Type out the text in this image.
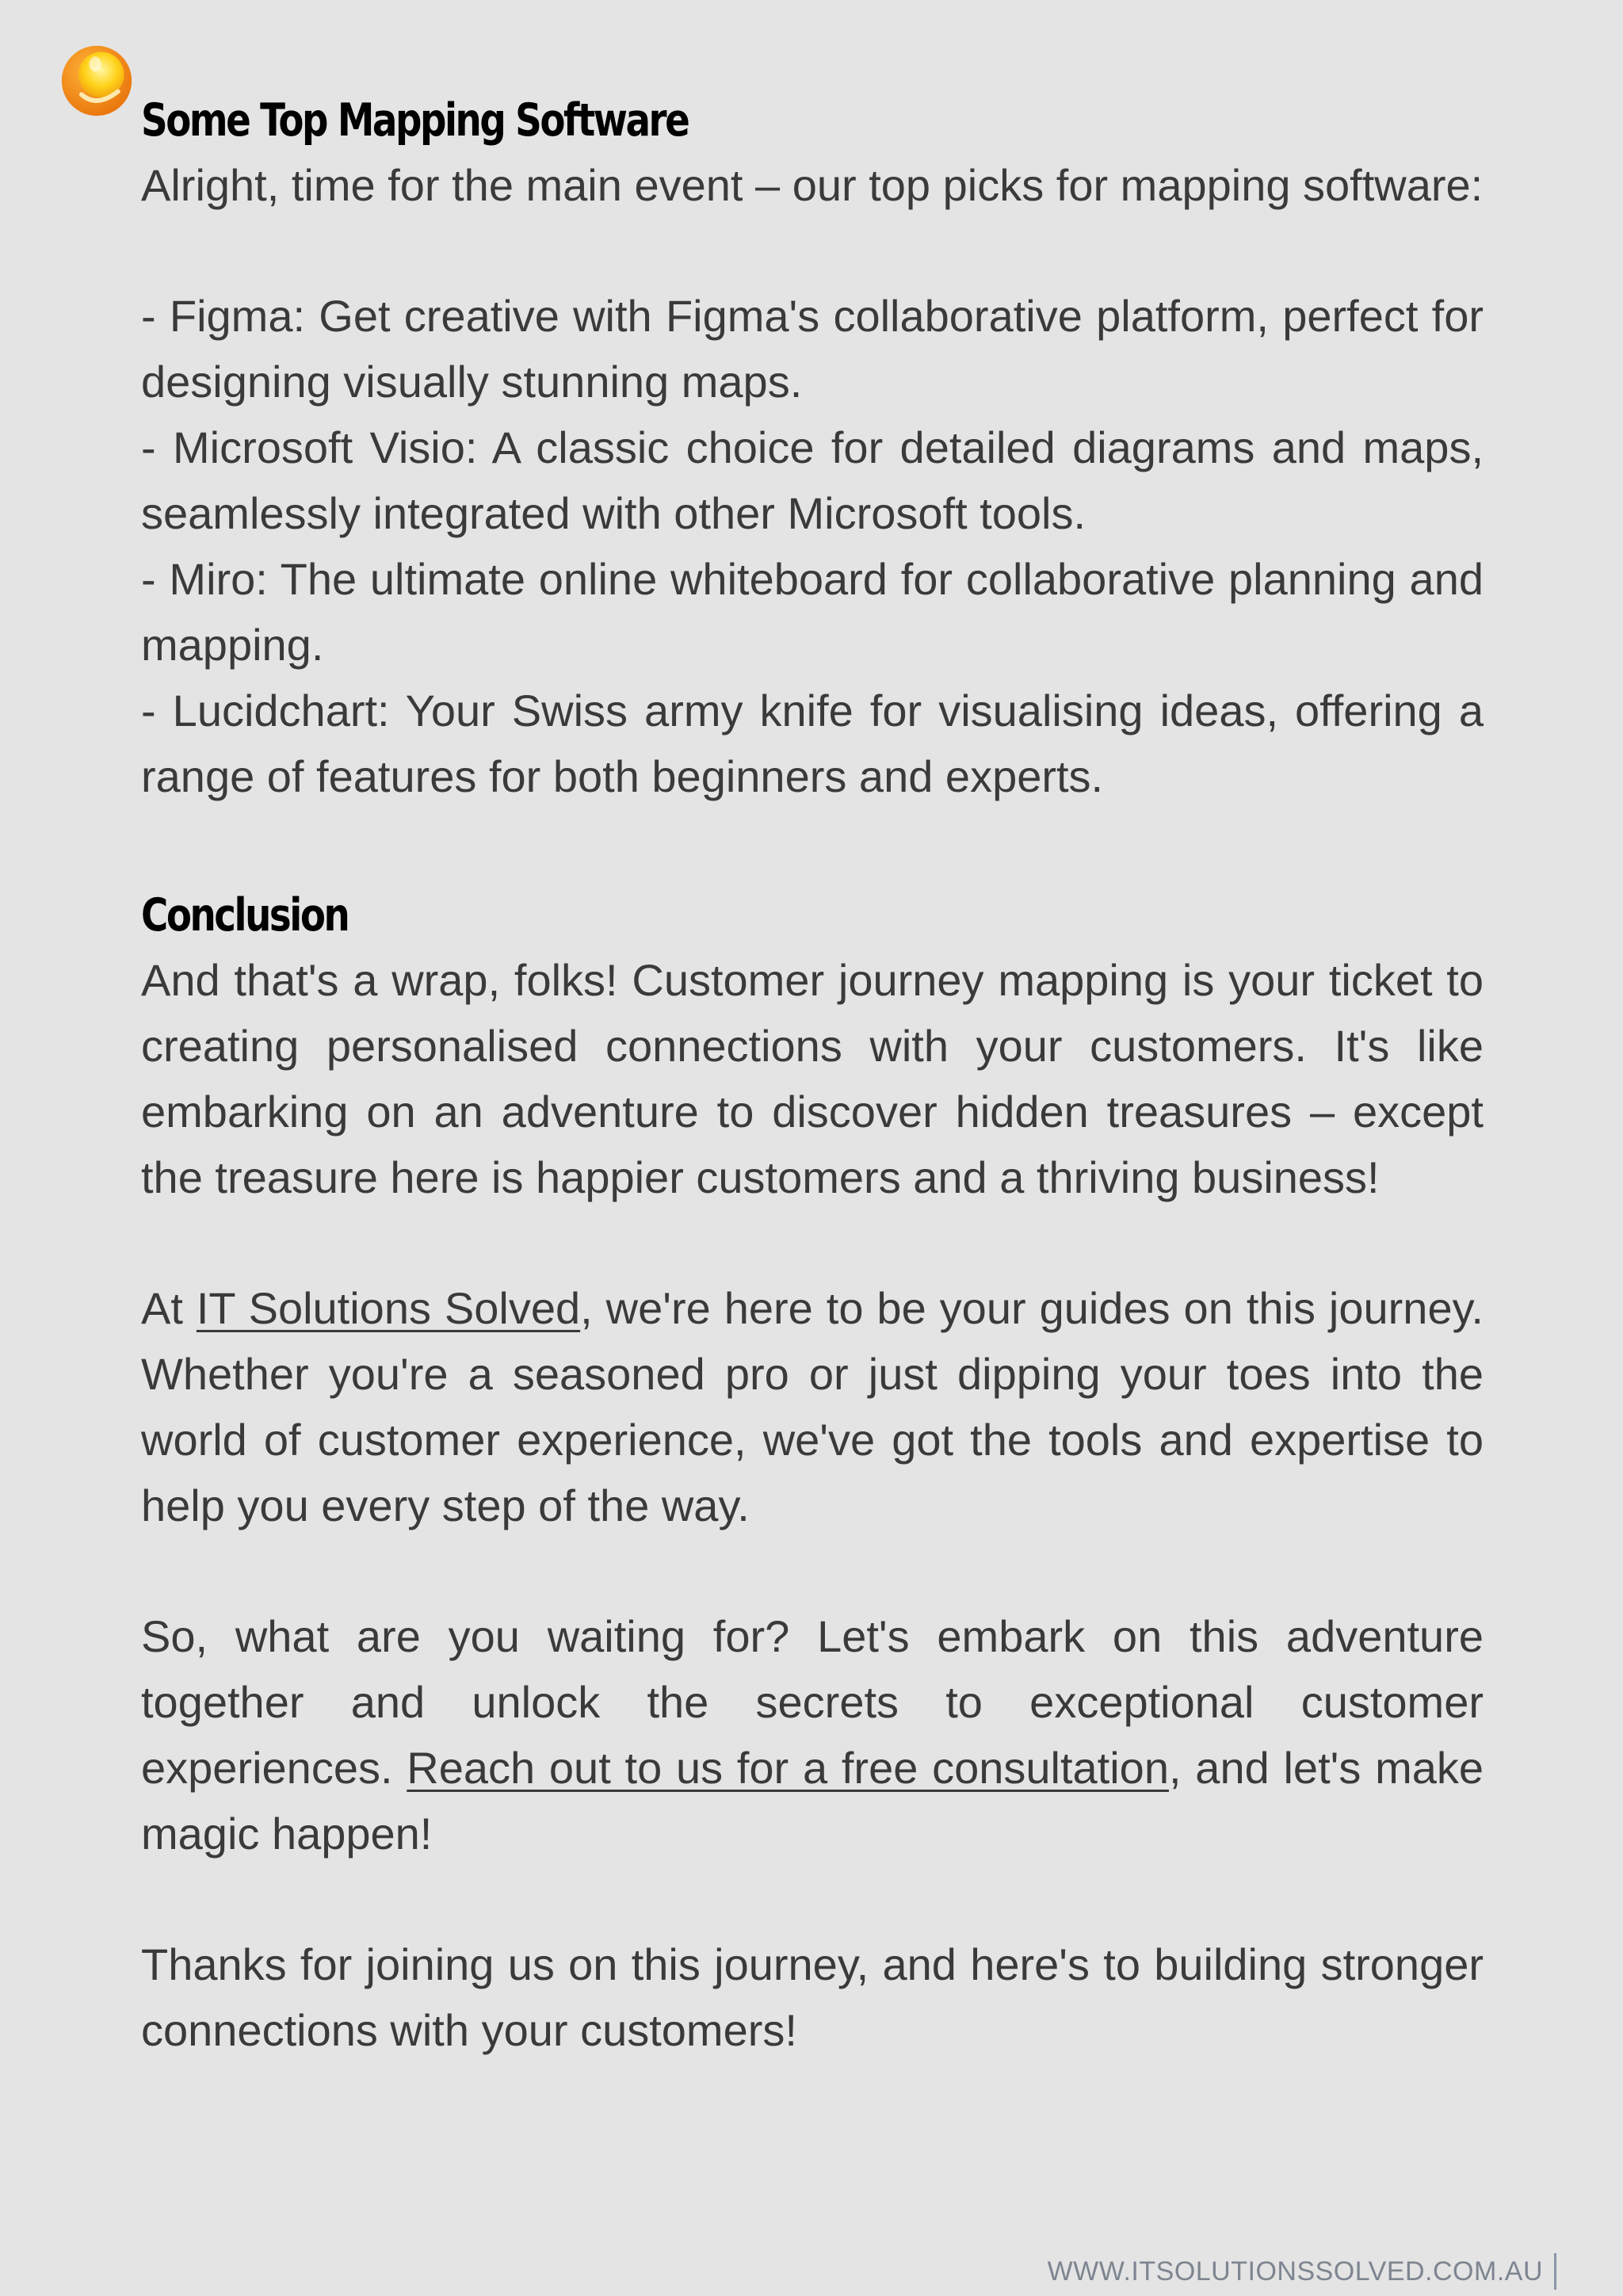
Some Top Mapping Software

Alright, time for the main event – our top picks for mapping software:

- Figma: Get creative with Figma's collaborative platform, perfect for designing visually stunning maps.

- Microsoft Visio: A classic choice for detailed diagrams and maps, seamlessly integrated with other Microsoft tools.

- Miro: The ultimate online whiteboard for collaborative planning and mapping.

- Lucidchart: Your Swiss army knife for visualising ideas, offering a range of features for both beginners and experts.

Conclusion

And that's a wrap, folks! Customer journey mapping is your ticket to creating personalised connections with your customers. It's like embarking on an adventure to discover hidden treasures – except the treasure here is happier customers and a thriving business!

At IT Solutions Solved, we're here to be your guides on this journey. Whether you're a seasoned pro or just dipping your toes into the world of customer experience, we've got the tools and expertise to help you every step of the way.

So, what are you waiting for? Let's embark on this adventure together and unlock the secrets to exceptional customer experiences. Reach out to us for a free consultation, and let's make magic happen!

Thanks for joining us on this journey, and here's to building stronger connections with your customers!

WWW.ITSOLUTIONSSOLVED.COM.AU
